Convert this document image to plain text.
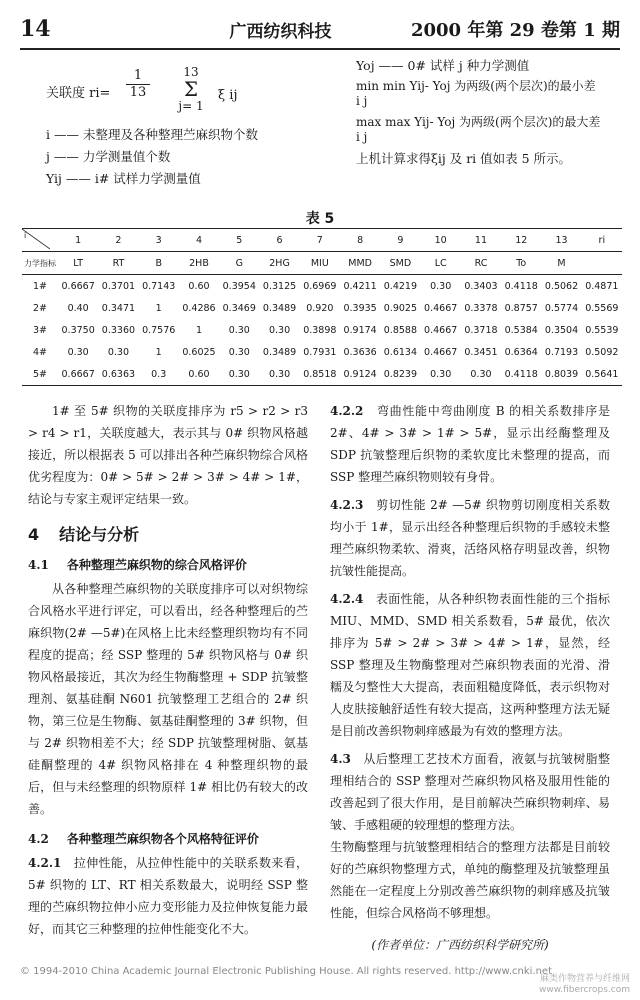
14	广西纺织科技	2000 年第 29 卷第 1 期
关联度 $ri= \frac{1}{13}$	13
Σ
j= 1
ξ ij
i —— 未整理及各种整理苎麻织物个数
j —— 力学测量值个数
Yij —— i# 试样力学测量值
Yoj —— 0# 试样 j 种力学测值
min min Yij- Yoj 为两级(两个层次)的最小差
i j
max max Yij- Yoj 为两级(两个层次)的最大差
i j
上机计算求得ξij 及 ri 值如表 5 所示。
表 5
i	1	2	3	4	5	6	7	8	9	10	11	12	13	ri
力学指标	LT	RT	B	2HB	G	2HG	MIU	MMD	SMD	LC	RC	To	M	
1#	0.6667	0.3701	0.7143	0.60	0.3954	0.3125	0.6969	0.4211	0.4219	0.30	0.3403	0.4118	0.5062	0.4871
2#	0.40	0.3471	1	0.4286	0.3469	0.3489	0.920	0.3935	0.9025	0.4667	0.3378	0.8757	0.5774	0.5569
3#	0.3750	0.3360	0.7576	1	0.30	0.30	0.3898	0.9174	0.8588	0.4667	0.3718	0.5384	0.3504	0.5539
4#	0.30	0.30	1	0.6025	0.30	0.3489	0.7931	0.3636	0.6134	0.4667	0.3451	0.6364	0.7193	0.5092
5#	0.6667	0.6363	0.3	0.60	0.30	0.30	0.8518	0.9124	0.8239	0.30	0.30	0.4118	0.8039	0.5641

1# 至 5# 织物的关联度排序为 r5 > r2 > r3 > r4 > r1，关联度越大，表示其与 0# 织物风格越接近，所以根据表 5 可以排出各种苎麻织物综合风格优劣程度为：0# > 5# > 2# > 3# > 4# > 1#，结论与专家主观评定结果一致。

4 结论与分析
4.1 各种整理苎麻织物的综合风格评价

从各种整理苎麻织物的关联度排序可以对织物综合风格水平进行评定，可以看出，经各种整理后的苎麻织物(2# —5#)在风格上比未经整理织物均有不同程度的提高；经 SSP 整理的 5# 织物风格与 0# 织物风格最接近，其次为经生物酶整理 + SDP 抗皱整理剂、氨基硅酮 N601 抗皱整理工艺组合的 2# 织物，第三位是生物酶、氨基硅酮整理的 3# 织物，但与 2# 织物相差不大；经 SDP 抗皱整理树脂、氨基硅酮整理的 4# 织物风格排在 4 种整理织物的最后，但与未经整理的织物原样 1# 相比仍有较大的改善。

4.2 各种整理苎麻织物各个风格特征评价

4.2.1 拉伸性能，从拉伸性能中的关联系数来看，5# 织物的 LT、RT 相关系数最大，说明经 SSP 整理的苎麻织物拉伸小应力变形能力及拉伸恢复能力最好，而其它三种整理的拉伸性能变化不大。

4.2.2 弯曲性能中弯曲刚度 B 的相关系数排序是 2#、4# > 3# > 1# > 5#，显示出经酶整理及 SDP 抗皱整理后织物的柔软度比未整理的提高，而 SSP 整理苎麻织物则较有身骨。

4.2.3 剪切性能 2# —5# 织物剪切刚度相关系数均小于 1#，显示出经各种整理后织物的手感较未整理苎麻织物柔软、滑爽，活络风格存明显改善，织物抗皱性能提高。

4.2.4 表面性能，从各种织物表面性能的三个指标 MIU、MMD、SMD 相关系数看，5# 最优，依次排序为 5# > 2# > 3# > 4# > 1#，显然，经 SSP 整理及生物酶整理对苎麻织物表面的光滑、滑糯及匀整性大大提高，表面粗糙度降低，表示织物对人皮肤接触舒适性有较大提高，这两种整理方法无疑是目前改善织物刺痒感最为有效的整理方法。

4.3 从后整理工艺技术方面看，液氨与抗皱树脂整理相结合的 SSP 整理对苎麻织物风格及服用性能的改善起到了很大作用，是目前解决苎麻织物刺痒、易皱、手感粗硬的较理想的整理方法。

生物酶整理与抗皱整理相结合的整理方法都是目前较好的苎麻织物整理方式，单纯的酶整理及抗皱整理虽然能在一定程度上分别改善苎麻织物的刺痒感及抗皱性能，但综合风格尚不够理想。

(作者单位：广西纺织科学研究所)
© 1994-2010 China Academic Journal Electronic Publishing House. All rights reserved. http://www.cnki.net
麻类作物营养与纤维网
www.fibercrops.com
